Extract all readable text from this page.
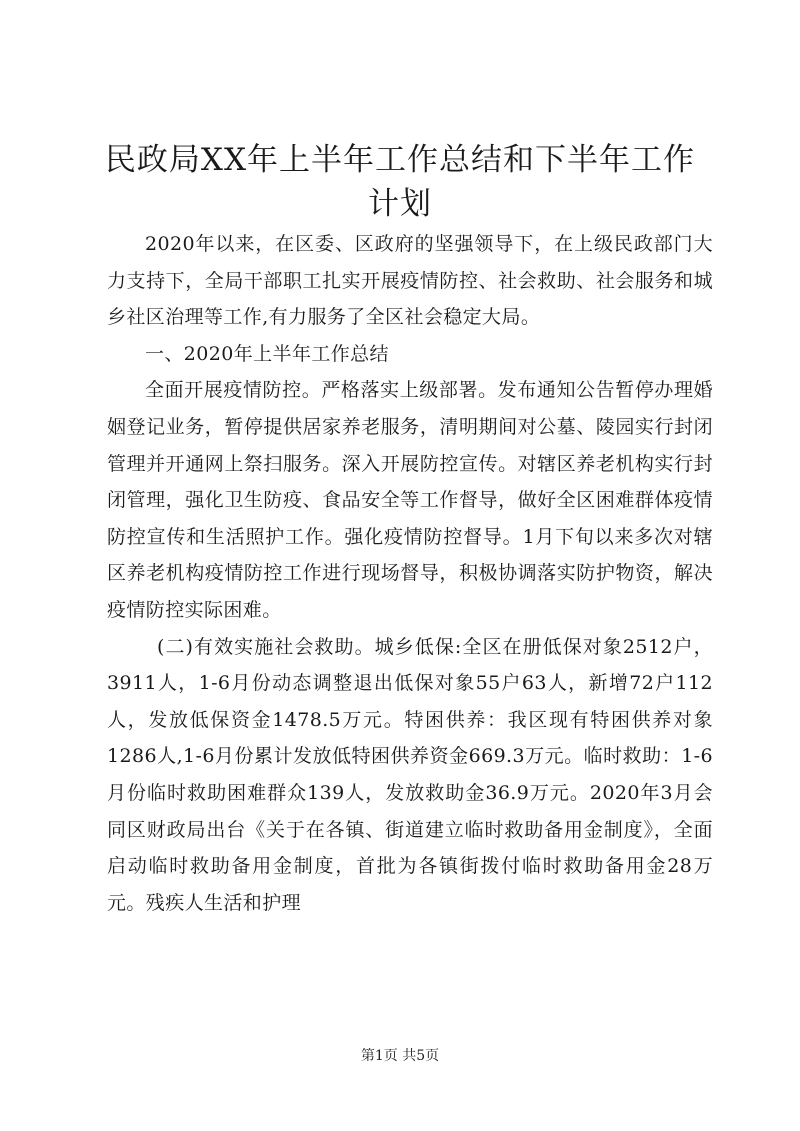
民政局XX年上半年工作总结和下半年工作计划

2020年以来，在区委、区政府的坚强领导下，在上级民政部门大力支持下，全局干部职工扎实开展疫情防控、社会救助、社会服务和城乡社区治理等工作,有力服务了全区社会稳定大局。

一、2020年上半年工作总结

全面开展疫情防控。严格落实上级部署。发布通知公告暂停办理婚姻登记业务，暂停提供居家养老服务，清明期间对公墓、陵园实行封闭管理并开通网上祭扫服务。深入开展防控宣传。对辖区养老机构实行封闭管理，强化卫生防疫、食品安全等工作督导，做好全区困难群体疫情防控宣传和生活照护工作。强化疫情防控督导。1月下旬以来多次对辖区养老机构疫情防控工作进行现场督导，积极协调落实防护物资，解决疫情防控实际困难。

(二)有效实施社会救助。城乡低保:全区在册低保对象2512户，3911人，1-6月份动态调整退出低保对象55户63人，新增72户112人，发放低保资金1478.5万元。特困供养：我区现有特困供养对象1286人,1-6月份累计发放低特困供养资金669.3万元。临时救助：1-6月份临时救助困难群众139人，发放救助金36.9万元。2020年3月会同区财政局出台《关于在各镇、街道建立临时救助备用金制度》，全面启动临时救助备用金制度，首批为各镇街拨付临时救助备用金28万元。残疾人生活和护理

第1页 共5页
